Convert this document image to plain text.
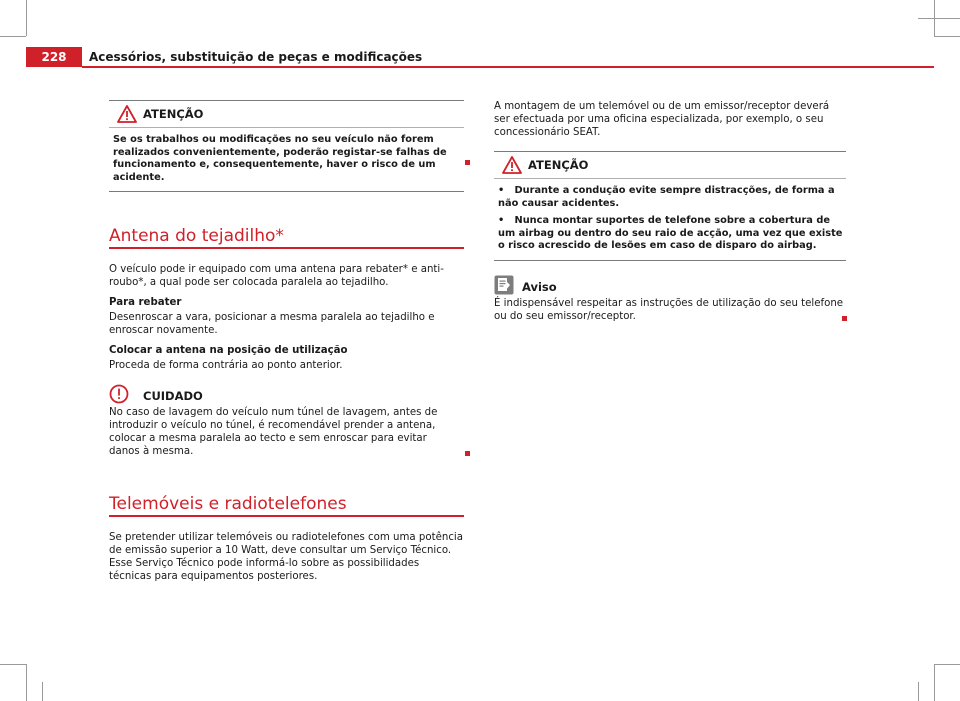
228	Acessórios, substituição de peças e modificações
ATENÇÃO
Se os trabalhos ou modificações no seu veículo não forem realizados convenientemente, poderão registar-se falhas de funcionamento e, consequentemente, haver o risco de um acidente.
Antena do tejadilho*

O veículo pode ir equipado com uma antena para rebater* e anti-roubo*, a qual pode ser colocada paralela ao tejadilho.

Para rebater

Desenroscar a vara, posicionar a mesma paralela ao tejadilho e enroscar novamente.

Colocar a antena na posição de utilização

Proceda de forma contrária ao ponto anterior.

CUIDADO

No caso de lavagem do veículo num túnel de lavagem, antes de introduzir o veículo no túnel, é recomendável prender a antena, colocar a mesma paralela ao tecto e sem enroscar para evitar danos à mesma.

Telemóveis e radiotelefones

Se pretender utilizar telemóveis ou radiotelefones com uma potência de emissão superior a 10 Watt, deve consultar um Serviço Técnico. Esse Serviço Técnico pode informá-lo sobre as possibilidades técnicas para equipamentos posteriores.

A montagem de um telemóvel ou de um emissor/receptor deverá ser efectuada por uma oficina especializada, por exemplo, o seu concessionário SEAT.

ATENÇÃO
•   Durante a condução evite sempre distracções, de forma a não causar acidentes.
•   Nunca montar suportes de telefone sobre a cobertura de um airbag ou dentro do seu raio de acção, uma vez que existe o risco acrescido de lesões em caso de disparo do airbag.
Aviso

É indispensável respeitar as instruções de utilização do seu telefone ou do seu emissor/receptor.
